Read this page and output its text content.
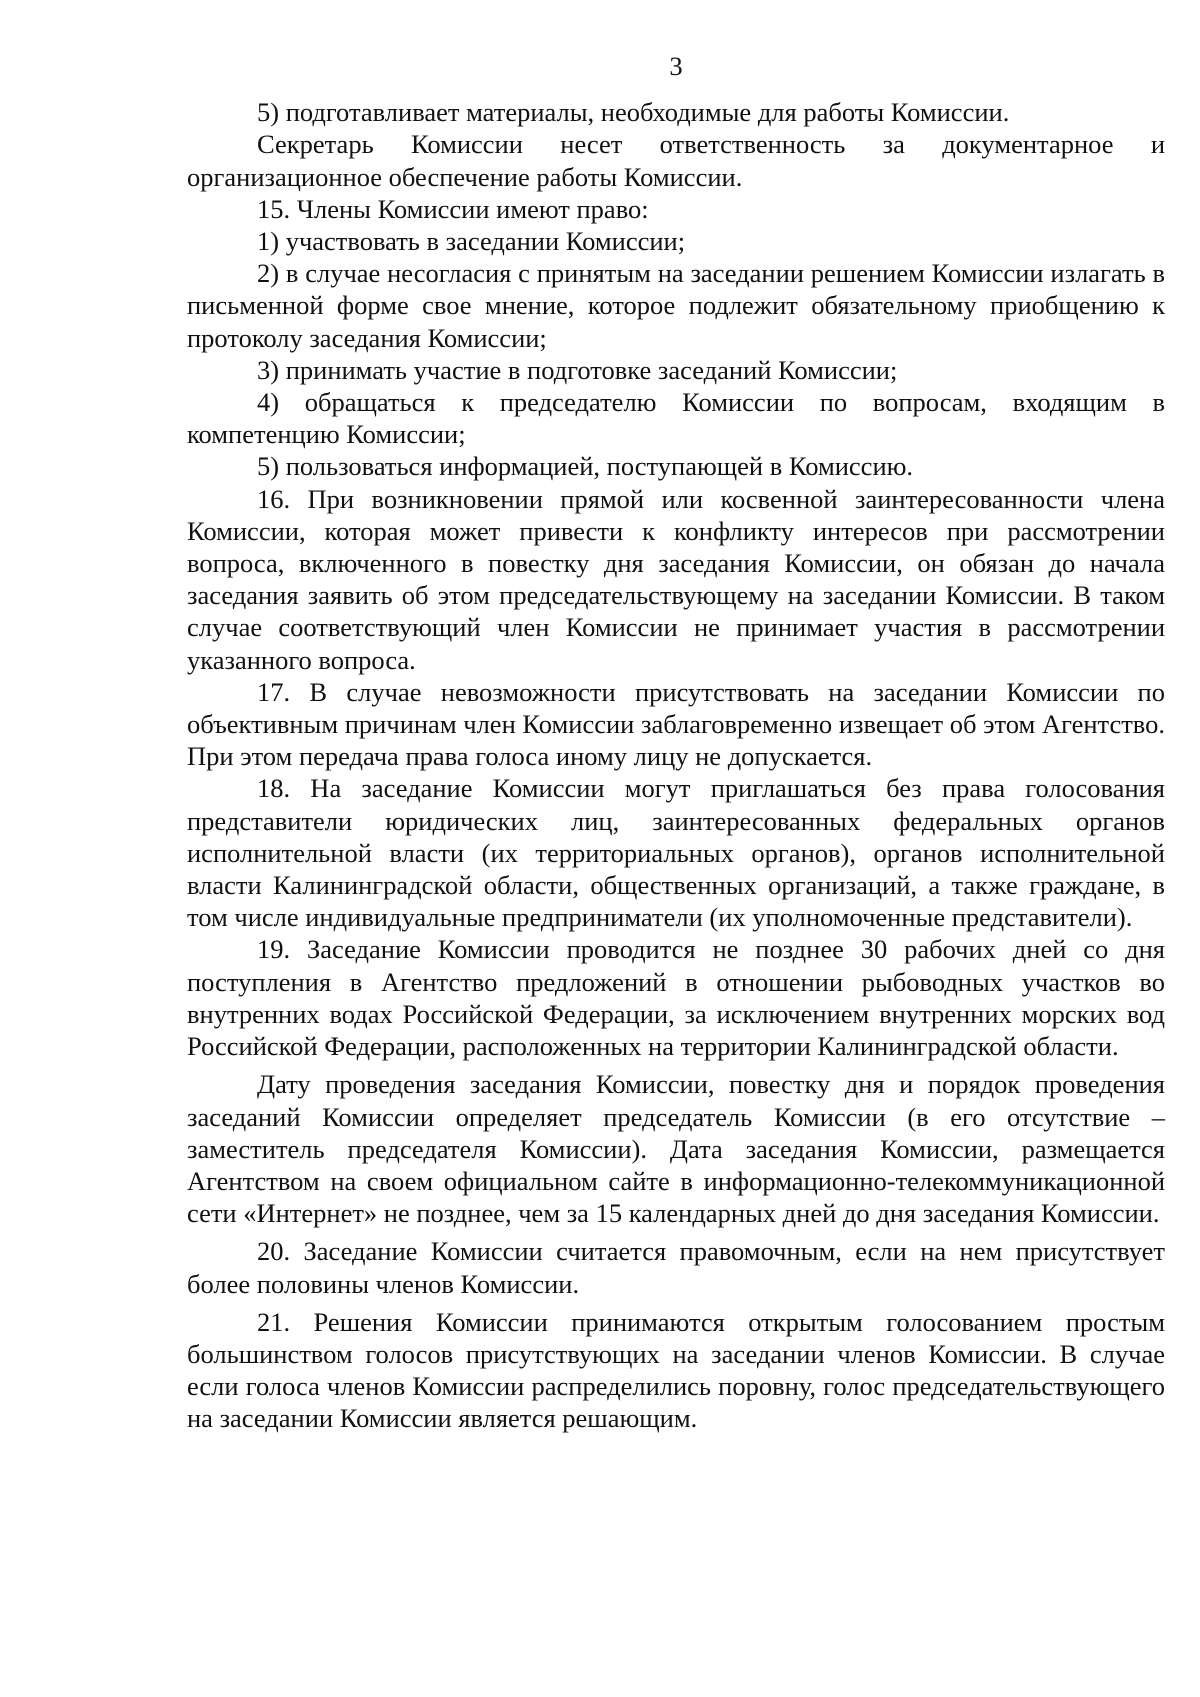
3

5) подготавливает материалы, необходимые для работы Комиссии.

Секретарь Комиссии несет ответственность за документарное и организационное обеспечение работы Комиссии.

15. Члены Комиссии имеют право:

1) участвовать в заседании Комиссии;

2) в случае несогласия с принятым на заседании решением Комиссии излагать в письменной форме свое мнение, которое подлежит обязательному приобщению к протоколу заседания Комиссии;

3) принимать участие в подготовке заседаний Комиссии;

4) обращаться к председателю Комиссии по вопросам, входящим в компетенцию Комиссии;

5) пользоваться информацией, поступающей в Комиссию.

16. При возникновении прямой или косвенной заинтересованности члена Комиссии, которая может привести к конфликту интересов при рассмотрении вопроса, включенного в повестку дня заседания Комиссии, он обязан до начала заседания заявить об этом председательствующему на заседании Комиссии. В таком случае соответствующий член Комиссии не принимает участия в рассмотрении указанного вопроса.

17. В случае невозможности присутствовать на заседании Комиссии по объективным причинам член Комиссии заблаговременно извещает об этом Агентство. При этом передача права голоса иному лицу не допускается.

18. На заседание Комиссии могут приглашаться без права голосования представители юридических лиц, заинтересованных федеральных органов исполнительной власти (их территориальных органов), органов исполнительной власти Калининградской области, общественных организаций, а также граждане, в том числе индивидуальные предприниматели (их уполномоченные представители).

19. Заседание Комиссии проводится не позднее 30 рабочих дней со дня поступления в Агентство предложений в отношении рыбоводных участков во внутренних водах Российской Федерации, за исключением внутренних морских вод Российской Федерации, расположенных на территории Калининградской области.

Дату проведения заседания Комиссии, повестку дня и порядок проведения заседаний Комиссии определяет председатель Комиссии (в его отсутствие – заместитель председателя Комиссии). Дата заседания Комиссии, размещается Агентством на своем официальном сайте в информационно-телекоммуникационной сети «Интернет» не позднее, чем за 15 календарных дней до дня заседания Комиссии.

20. Заседание Комиссии считается правомочным, если на нем присутствует более половины членов Комиссии.

21. Решения Комиссии принимаются открытым голосованием простым большинством голосов присутствующих на заседании членов Комиссии. В случае если голоса членов Комиссии распределились поровну, голос председательствующего на заседании Комиссии является решающим.
